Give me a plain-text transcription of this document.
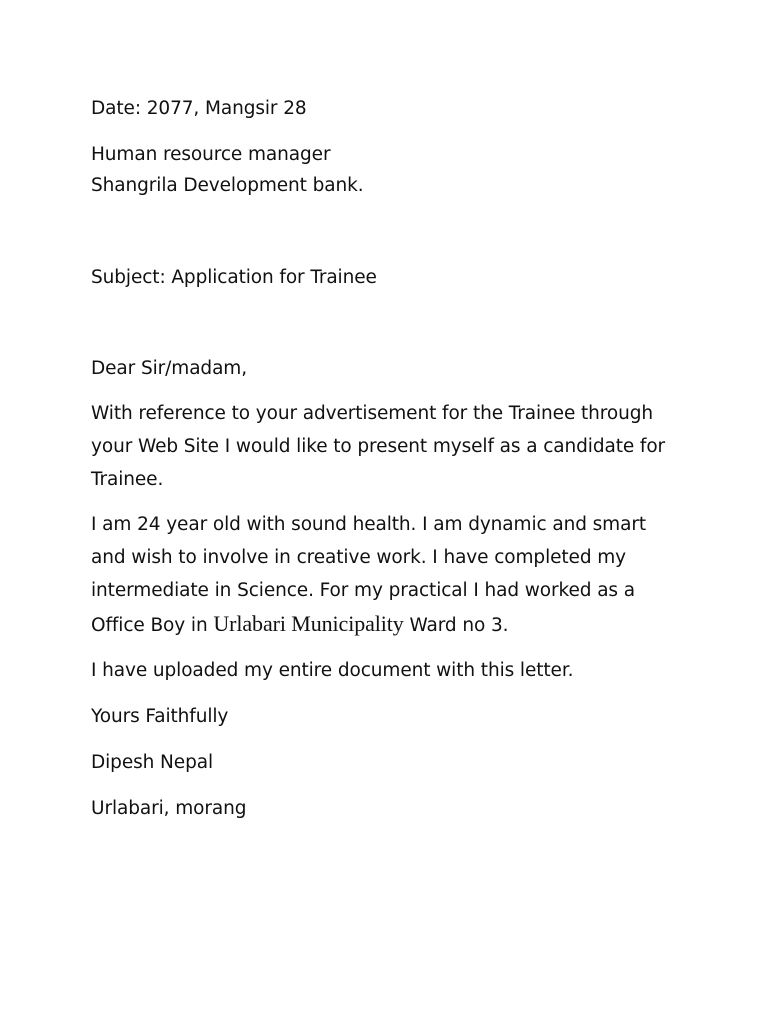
Date: 2077, Mangsir 28
Human resource manager
Shangrila Development bank.
Subject: Application for Trainee
Dear Sir/madam,
With reference to your advertisement for the Trainee through
your Web Site I would like to present myself as a candidate for
Trainee.
I am 24 year old with sound health. I am dynamic and smart
and wish to involve in creative work. I have completed my
intermediate in Science. For my practical I had worked as a
Office Boy in Urlabari Municipality Ward no 3.
I have uploaded my entire document with this letter.
Yours Faithfully
Dipesh Nepal
Urlabari, morang
